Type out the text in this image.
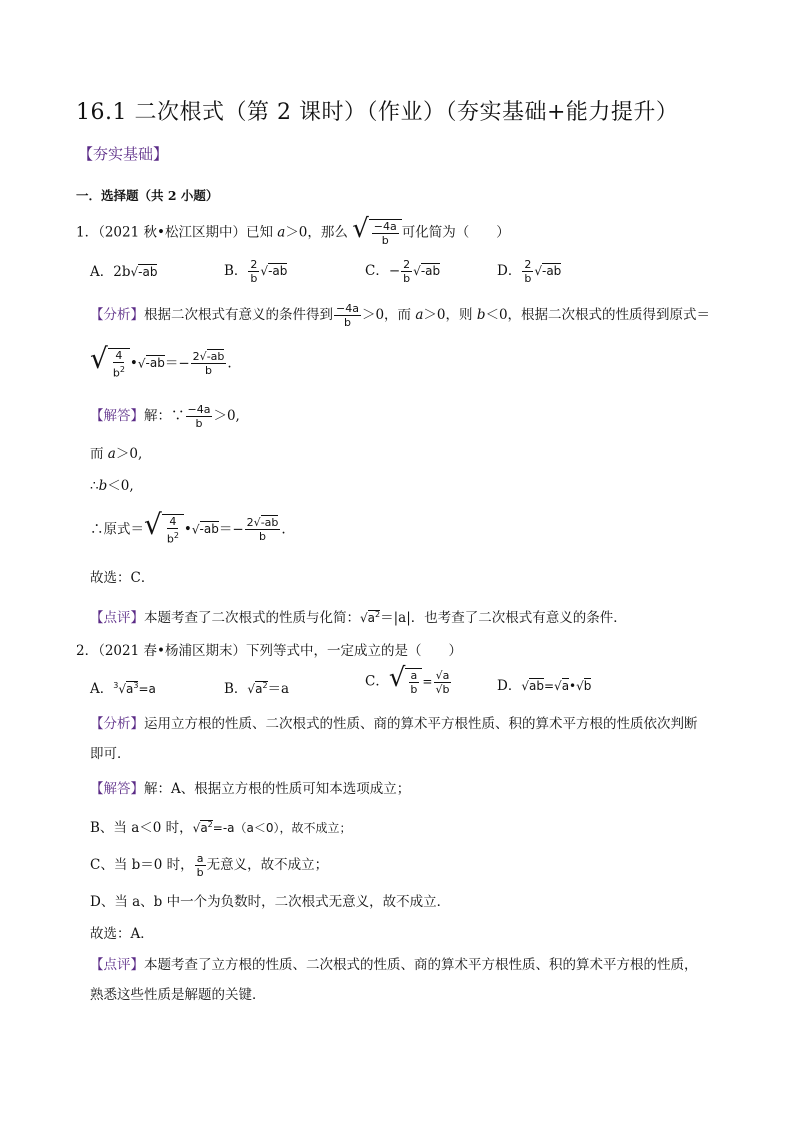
16.1 二次根式（第 2 课时）（作业）（夯实基础+能力提升）
【夯实基础】
一．选择题（共 2 小题）
1．（2021 秋•松江区期中）已知 a＞0，那么 √ $\frac{-4a}{b}$ 可化简为（　　）
A．2b√-ab	B． $\frac{2}{b} √-ab$	C．− $\frac{2}{b} √-ab$	D． $\frac{2}{b} √-ab$
【分析】根据二次根式有意义的条件得到 $\frac{-4a}{b} >0$，而 a＞0，则 b＜0，根据二次根式的性质得到原式＝
√ $\frac{4}{b^2}$ •√-ab＝− $\frac{2√-ab}{b}$ .
【解答】解：∵ $\frac{-4a}{b} >0$,
而 a＞0,
∴b＜0,
∴原式＝√ $\frac{4}{b^2}$ •√-ab＝− $\frac{2√-ab}{b}$ .
故选：C．
【点评】本题考查了二次根式的性质与化简：$√a^2=|a|$．也考查了二次根式有意义的条件．
2．（2021 春•杨浦区期末）下列等式中，一定成立的是（　　）
A．$^3√a^3=a$	B．$√a^2=a$	C．√ $\frac{a}{b} = \frac{√a}{√b}$	D．√ab=√a•√b
【分析】运用立方根的性质、二次根式的性质、商的算术平方根性质、积的算术平方根的性质依次判断
即可．
【解答】解：A、根据立方根的性质可知本选项成立；
B、当 a＜0 时，$√a^2=-a(a<0)$，故不成立；
C、当 b＝0 时， $\frac{a}{b}$ 无意义，故不成立；
D、当 a、b 中一个为负数时，二次根式无意义，故不成立．
故选：A．
【点评】本题考查了立方根的性质、二次根式的性质、商的算术平方根性质、积的算术平方根的性质，
熟悉这些性质是解题的关键．
